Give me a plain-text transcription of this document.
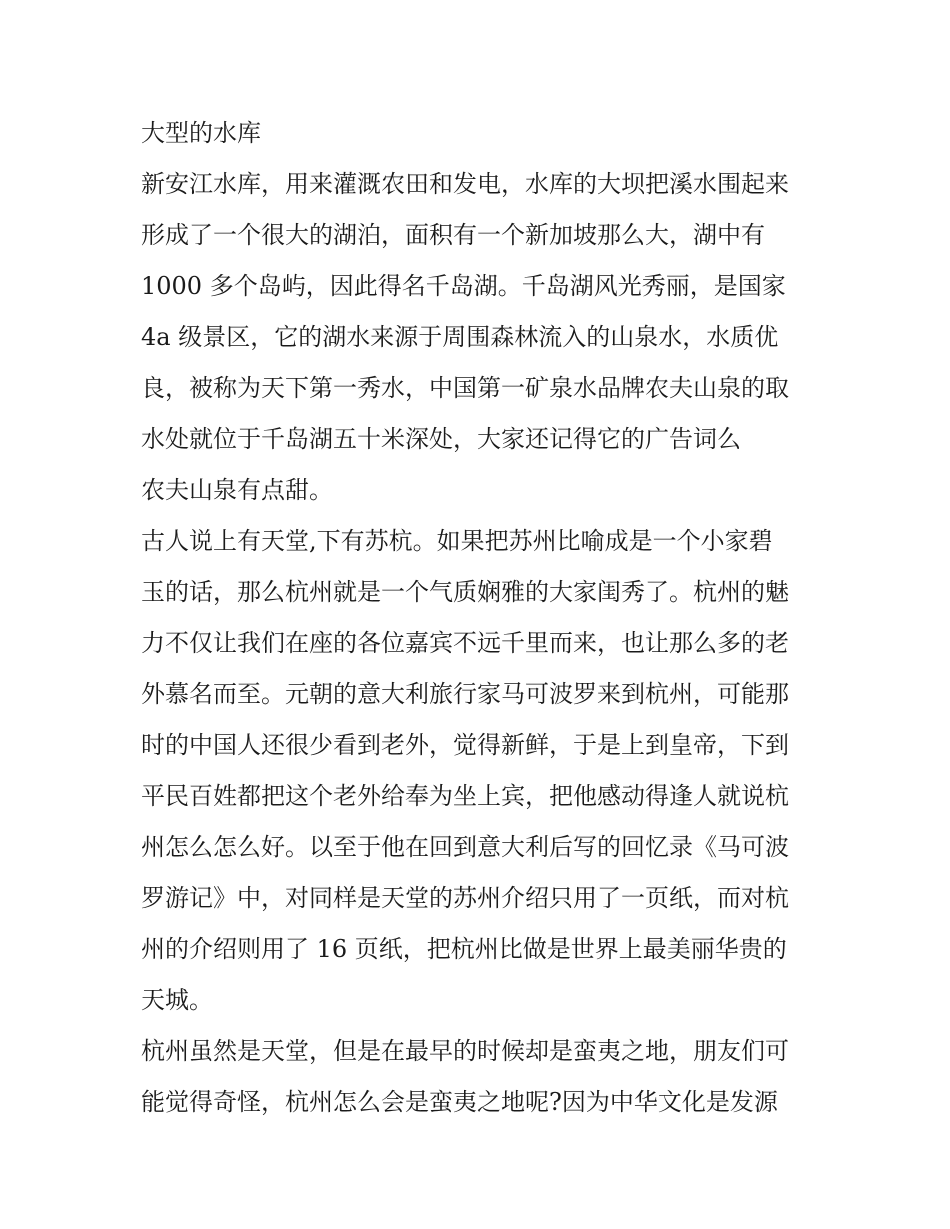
大型的水库
新安江水库，用来灌溉农田和发电，水库的大坝把溪水围起来
形成了一个很大的湖泊，面积有一个新加坡那么大，湖中有
1000 多个岛屿，因此得名千岛湖。千岛湖风光秀丽，是国家
4a 级景区，它的湖水来源于周围森林流入的山泉水，水质优
良，被称为天下第一秀水，中国第一矿泉水品牌农夫山泉的取
水处就位于千岛湖五十米深处，大家还记得它的广告词么
农夫山泉有点甜。
古人说上有天堂,下有苏杭。如果把苏州比喻成是一个小家碧
玉的话，那么杭州就是一个气质娴雅的大家闺秀了。杭州的魅
力不仅让我们在座的各位嘉宾不远千里而来，也让那么多的老
外慕名而至。元朝的意大利旅行家马可波罗来到杭州，可能那
时的中国人还很少看到老外，觉得新鲜，于是上到皇帝，下到
平民百姓都把这个老外给奉为坐上宾，把他感动得逢人就说杭
州怎么怎么好。以至于他在回到意大利后写的回忆录《马可波
罗游记》中，对同样是天堂的苏州介绍只用了一页纸，而对杭
州的介绍则用了 16 页纸，把杭州比做是世界上最美丽华贵的
天城。
杭州虽然是天堂，但是在最早的时候却是蛮夷之地，朋友们可
能觉得奇怪，杭州怎么会是蛮夷之地呢?因为中华文化是发源
